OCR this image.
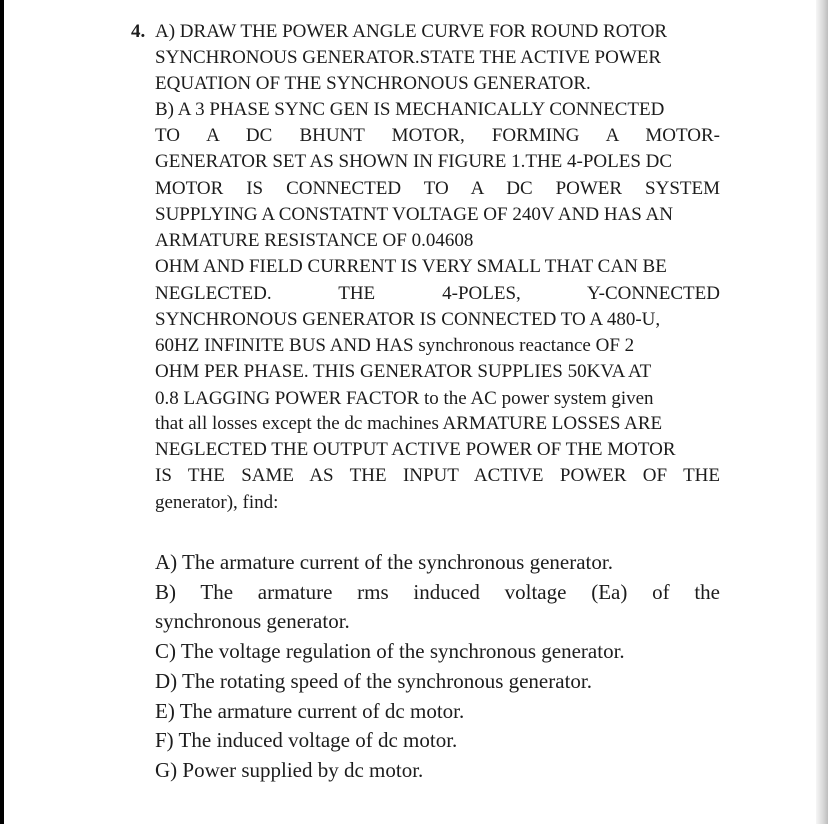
4. A) DRAW THE POWER ANGLE CURVE FOR ROUND ROTOR
SYNCHRONOUS GENERATOR.STATE THE ACTIVE POWER
EQUATION OF THE SYNCHRONOUS GENERATOR.
B) A 3 PHASE SYNC GEN IS MECHANICALLY CONNECTED
TO A DC BHUNT MOTOR, FORMING A MOTOR-
GENERATOR SET AS SHOWN IN FIGURE 1.THE 4-POLES DC
MOTOR IS CONNECTED TO A DC POWER SYSTEM
SUPPLYING A CONSTATNT VOLTAGE OF 240V AND HAS AN
ARMATURE RESISTANCE OF 0.04608
OHM AND FIELD CURRENT IS VERY SMALL THAT CAN BE
NEGLECTED. THE 4-POLES, Y-CONNECTED
SYNCHRONOUS GENERATOR IS CONNECTED TO A 480-U,
60HZ INFINITE BUS AND HAS synchronous reactance OF 2
OHM PER PHASE. THIS GENERATOR SUPPLIES 50KVA AT
0.8 LAGGING POWER FACTOR to the AC power system given
that all losses except the dc machines ARMATURE LOSSES ARE
NEGLECTED THE OUTPUT ACTIVE POWER OF THE MOTOR
IS THE SAME AS THE INPUT ACTIVE POWER OF THE
generator), find:
A) The armature current of the synchronous generator.
B) The armature rms induced voltage (Ea) of the
synchronous generator.
C) The voltage regulation of the synchronous generator.
D) The rotating speed of the synchronous generator.
E) The armature current of dc motor.
F) The induced voltage of dc motor.
G) Power supplied by dc motor.
